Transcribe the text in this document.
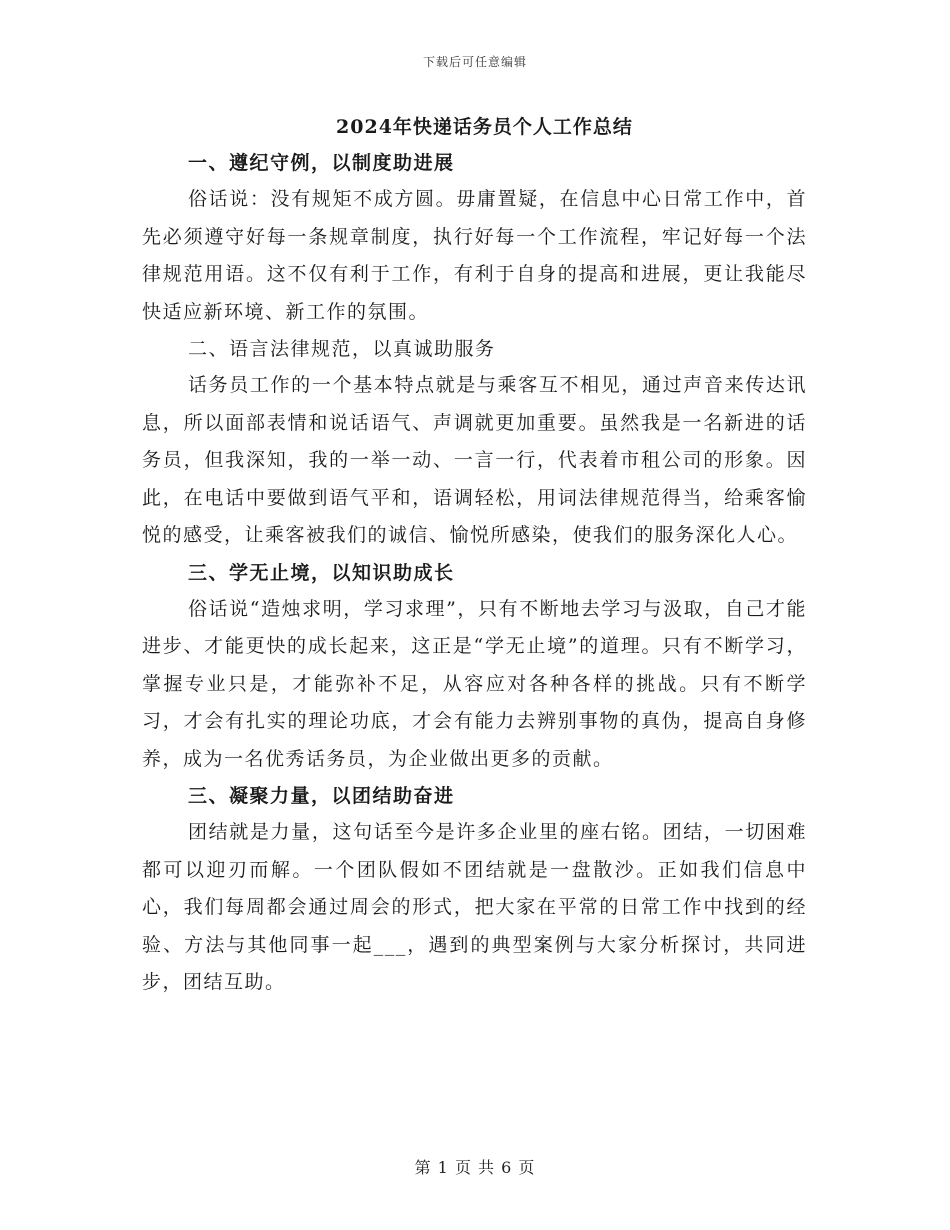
下载后可任意编辑

2024年快递话务员个人工作总结

一、遵纪守例，以制度助进展

俗话说：没有规矩不成方圆。毋庸置疑，在信息中心日常工作中，首先必须遵守好每一条规章制度，执行好每一个工作流程，牢记好每一个法律规范用语。这不仅有利于工作，有利于自身的提高和进展，更让我能尽快适应新环境、新工作的氛围。

二、语言法律规范，以真诚助服务

话务员工作的一个基本特点就是与乘客互不相见，通过声音来传达讯息，所以面部表情和说话语气、声调就更加重要。虽然我是一名新进的话务员，但我深知，我的一举一动、一言一行，代表着市租公司的形象。因此，在电话中要做到语气平和，语调轻松，用词法律规范得当，给乘客愉悦的感受，让乘客被我们的诚信、愉悦所感染，使我们的服务深化人心。

三、学无止境，以知识助成长

俗话说“造烛求明，学习求理”，只有不断地去学习与汲取，自己才能进步、才能更快的成长起来，这正是“学无止境”的道理。只有不断学习，掌握专业只是，才能弥补不足，从容应对各种各样的挑战。只有不断学习，才会有扎实的理论功底，才会有能力去辨别事物的真伪，提高自身修养，成为一名优秀话务员，为企业做出更多的贡献。

三、凝聚力量，以团结助奋进

团结就是力量，这句话至今是许多企业里的座右铭。团结，一切困难都可以迎刃而解。一个团队假如不团结就是一盘散沙。正如我们信息中心，我们每周都会通过周会的形式，把大家在平常的日常工作中找到的经验、方法与其他同事一起___，遇到的典型案例与大家分析探讨，共同进步，团结互助。

第 1 页 共 6 页
